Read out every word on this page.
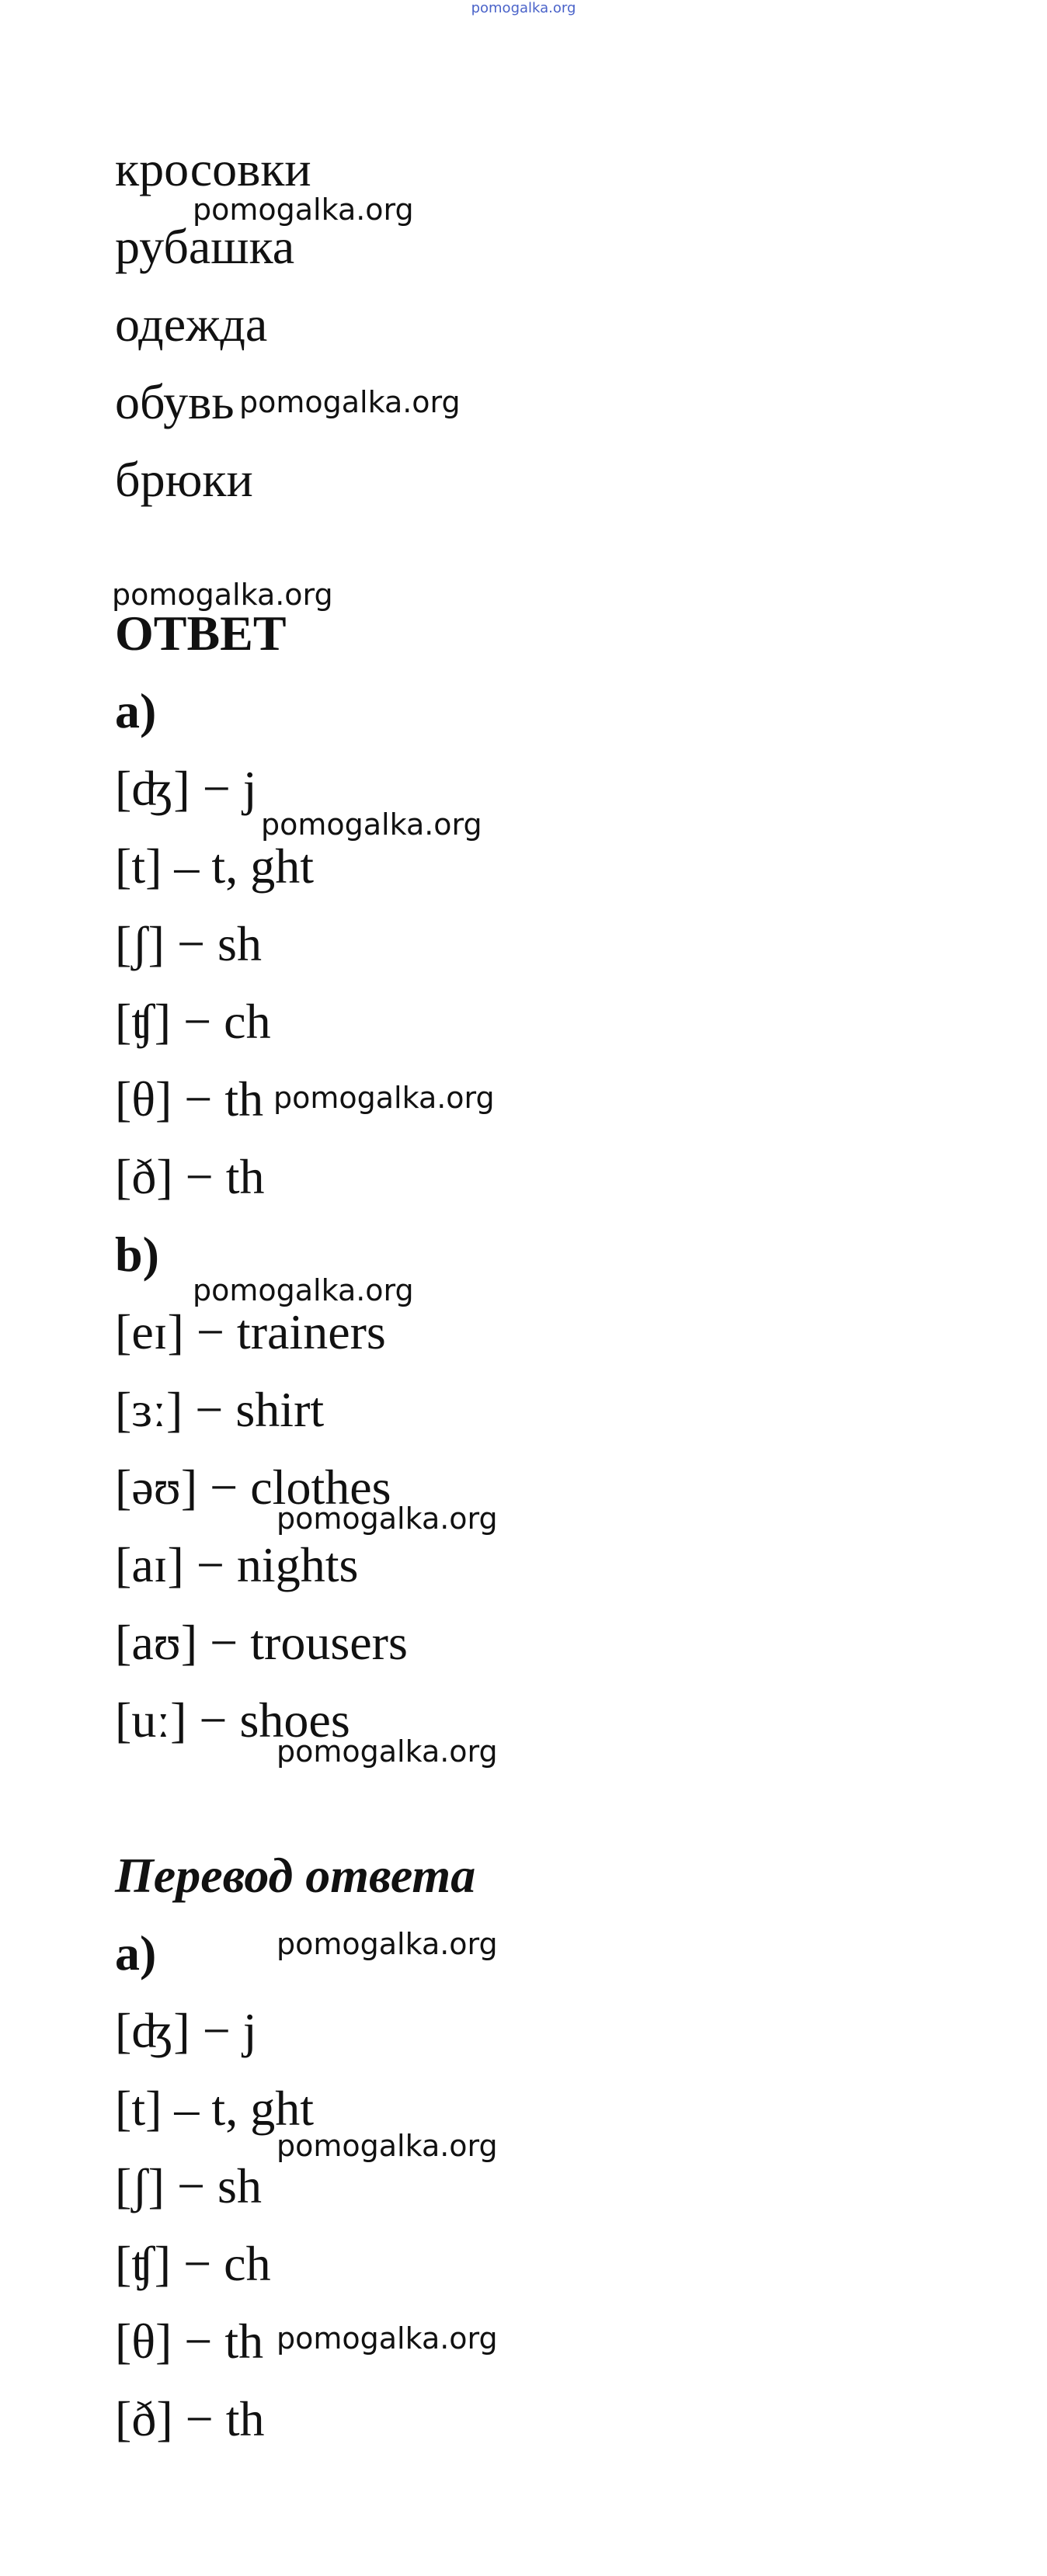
pomogalka.org
кросовки
рубашка
одежда
обувь
брюки
ОТВЕТ
a)
[ʤ] − j
[t] – t, ght
[ʃ] − sh
[ʧ] − ch
[θ] − th
[ð] − th
b)
[eɪ] − trainers
[ɜː] − shirt
[əʊ] − clothes
[aɪ] − nights
[aʊ] − trousers
[uː] − shoes
Перевод ответа
a)
[ʤ] − j
[t] – t, ght
[ʃ] − sh
[ʧ] − ch
[θ] − th
[ð] − th
pomogalka.org
pomogalka.org
pomogalka.org
pomogalka.org
pomogalka.org
pomogalka.org
pomogalka.org
pomogalka.org
pomogalka.org
pomogalka.org
pomogalka.org
